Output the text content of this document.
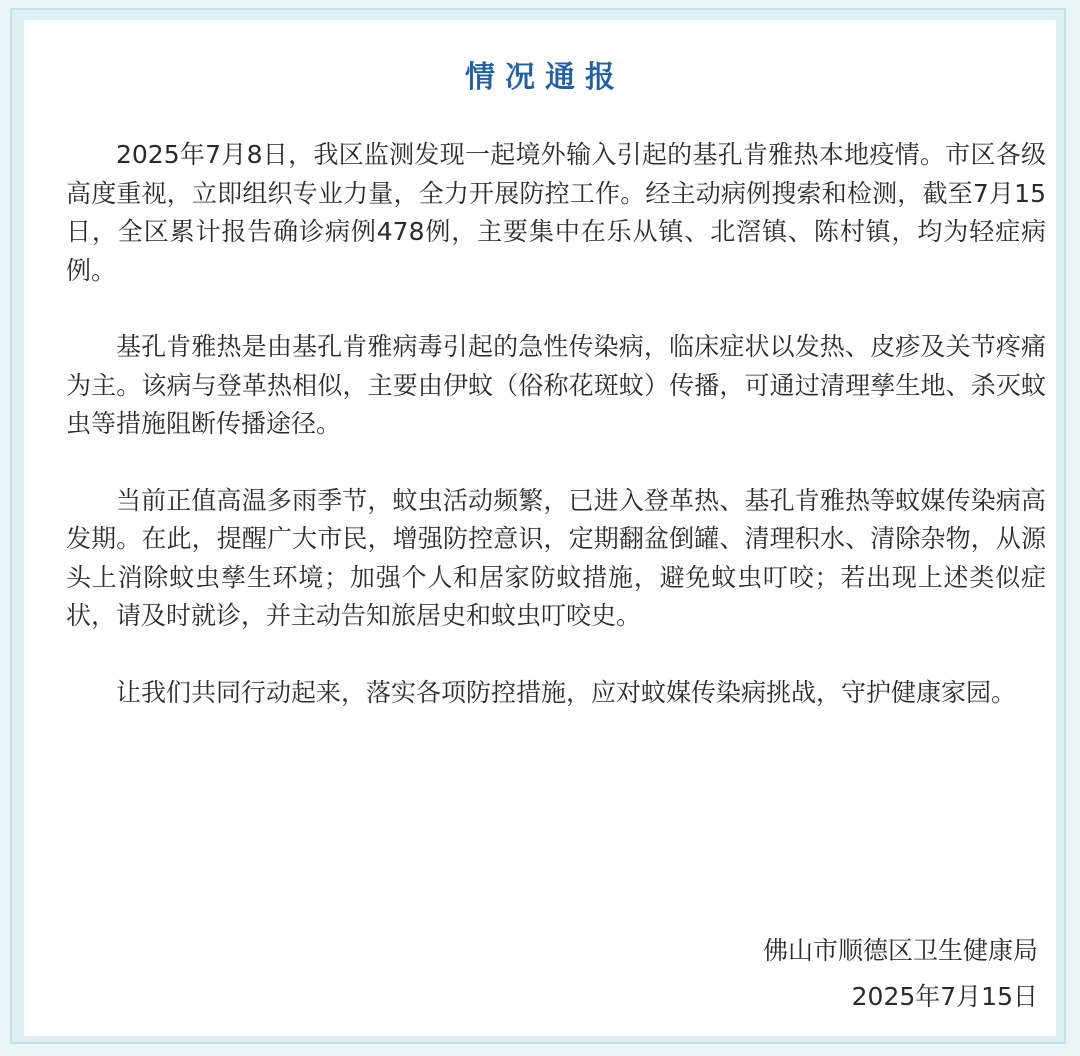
情况通报

2025年7月8日，我区监测发现一起境外输入引起的基孔肯雅热本地疫情。市区各级高度重视，立即组织专业力量，全力开展防控工作。经主动病例搜索和检测，截至7月15日，全区累计报告确诊病例478例，主要集中在乐从镇、北滘镇、陈村镇，均为轻症病例。

基孔肯雅热是由基孔肯雅病毒引起的急性传染病，临床症状以发热、皮疹及关节疼痛为主。该病与登革热相似，主要由伊蚊（俗称花斑蚊）传播，可通过清理孳生地、杀灭蚊虫等措施阻断传播途径。

当前正值高温多雨季节，蚊虫活动频繁，已进入登革热、基孔肯雅热等蚊媒传染病高发期。在此，提醒广大市民，增强防控意识，定期翻盆倒罐、清理积水、清除杂物，从源头上消除蚊虫孳生环境；加强个人和居家防蚊措施，避免蚊虫叮咬；若出现上述类似症状，请及时就诊，并主动告知旅居史和蚊虫叮咬史。

让我们共同行动起来，落实各项防控措施，应对蚊媒传染病挑战，守护健康家园。

佛山市顺德区卫生健康局
2025年7月15日
